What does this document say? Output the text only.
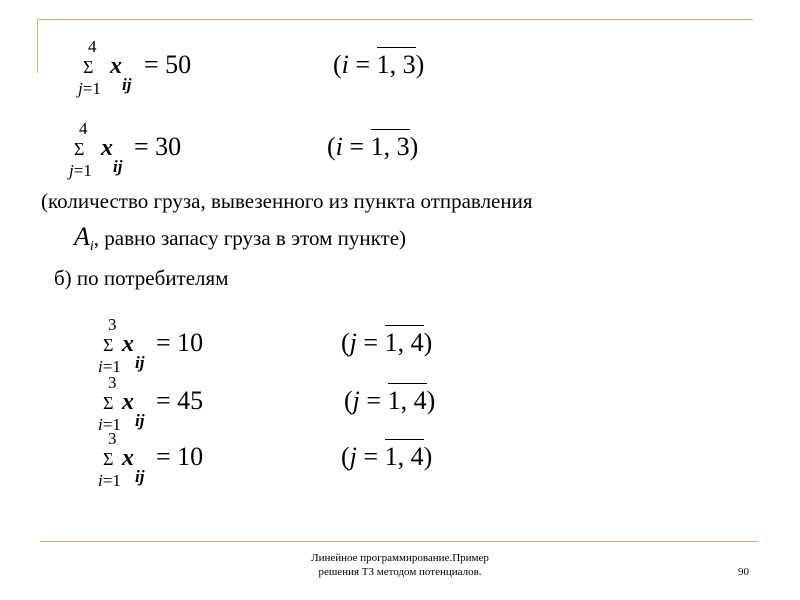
4
Σ
j=1
x
ij
= 50	(i = 1, 3)
4
Σ
j=1
x
ij
= 30	(i = 1, 3)
(количество груза, вывезенного из пункта отправления
$A_i$, равно запасу груза в этом пункте)
б) по потребителям
3
Σ
i=1
x
ij
= 10	(j = 1, 4)
3
Σ
i=1
x
ij
= 45	(j = 1, 4)
3
Σ
i=1
x
ij
= 10	(j = 1, 4)
Линейное программирование.Пример
решения ТЗ методом потенциалов.	90
